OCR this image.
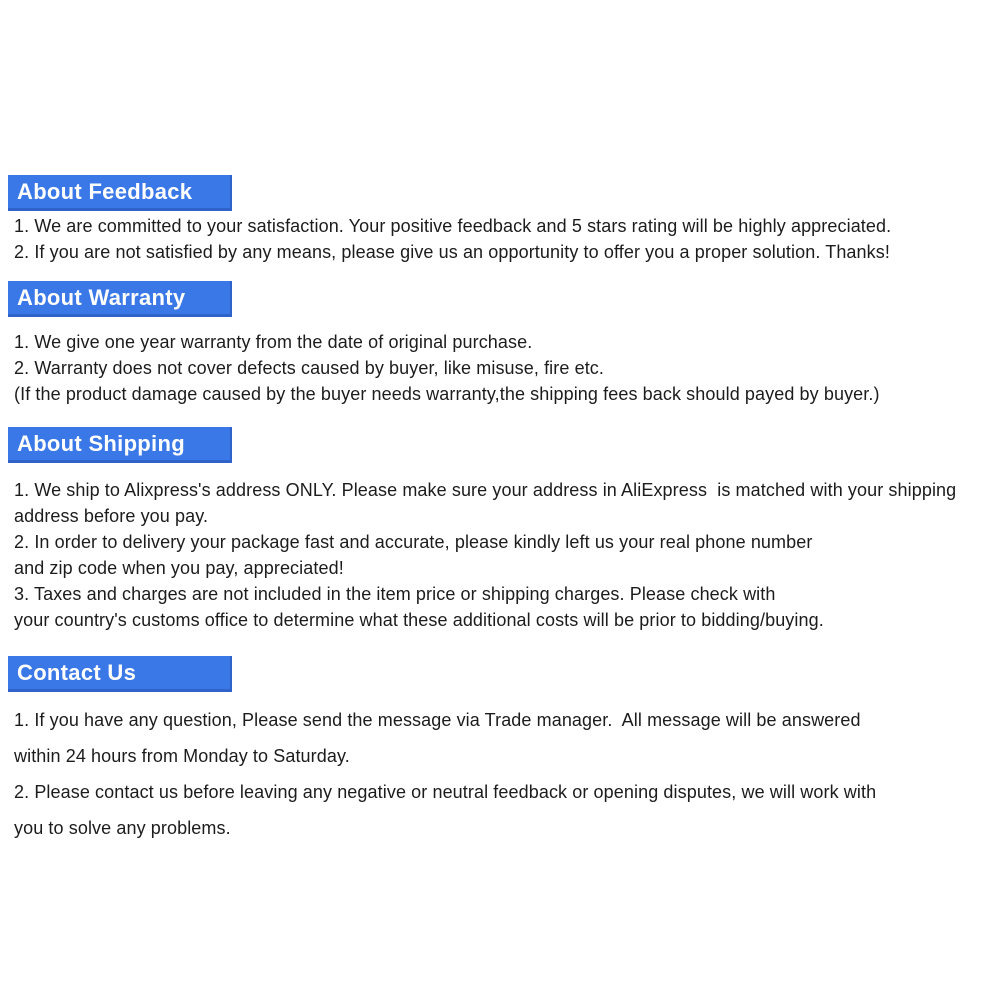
About Feedback
1. We are committed to your satisfaction. Your positive feedback and 5 stars rating will be highly appreciated.
2. If you are not satisfied by any means, please give us an opportunity to offer you a proper solution. Thanks!
About Warranty
1. We give one year warranty from the date of original purchase.
2. Warranty does not cover defects caused by buyer, like misuse, fire etc.
(If the product damage caused by the buyer needs warranty,the shipping fees back should payed by buyer.)
About Shipping
1. We ship to Alixpress's address ONLY. Please make sure your address in AliExpress  is matched with your shipping
address before you pay.
2. In order to delivery your package fast and accurate, please kindly left us your real phone number
and zip code when you pay, appreciated!
3. Taxes and charges are not included in the item price or shipping charges. Please check with
your country's customs office to determine what these additional costs will be prior to bidding/buying.
Contact Us
1. If you have any question, Please send the message via Trade manager.  All message will be answered
within 24 hours from Monday to Saturday.
2. Please contact us before leaving any negative or neutral feedback or opening disputes, we will work with
you to solve any problems.
